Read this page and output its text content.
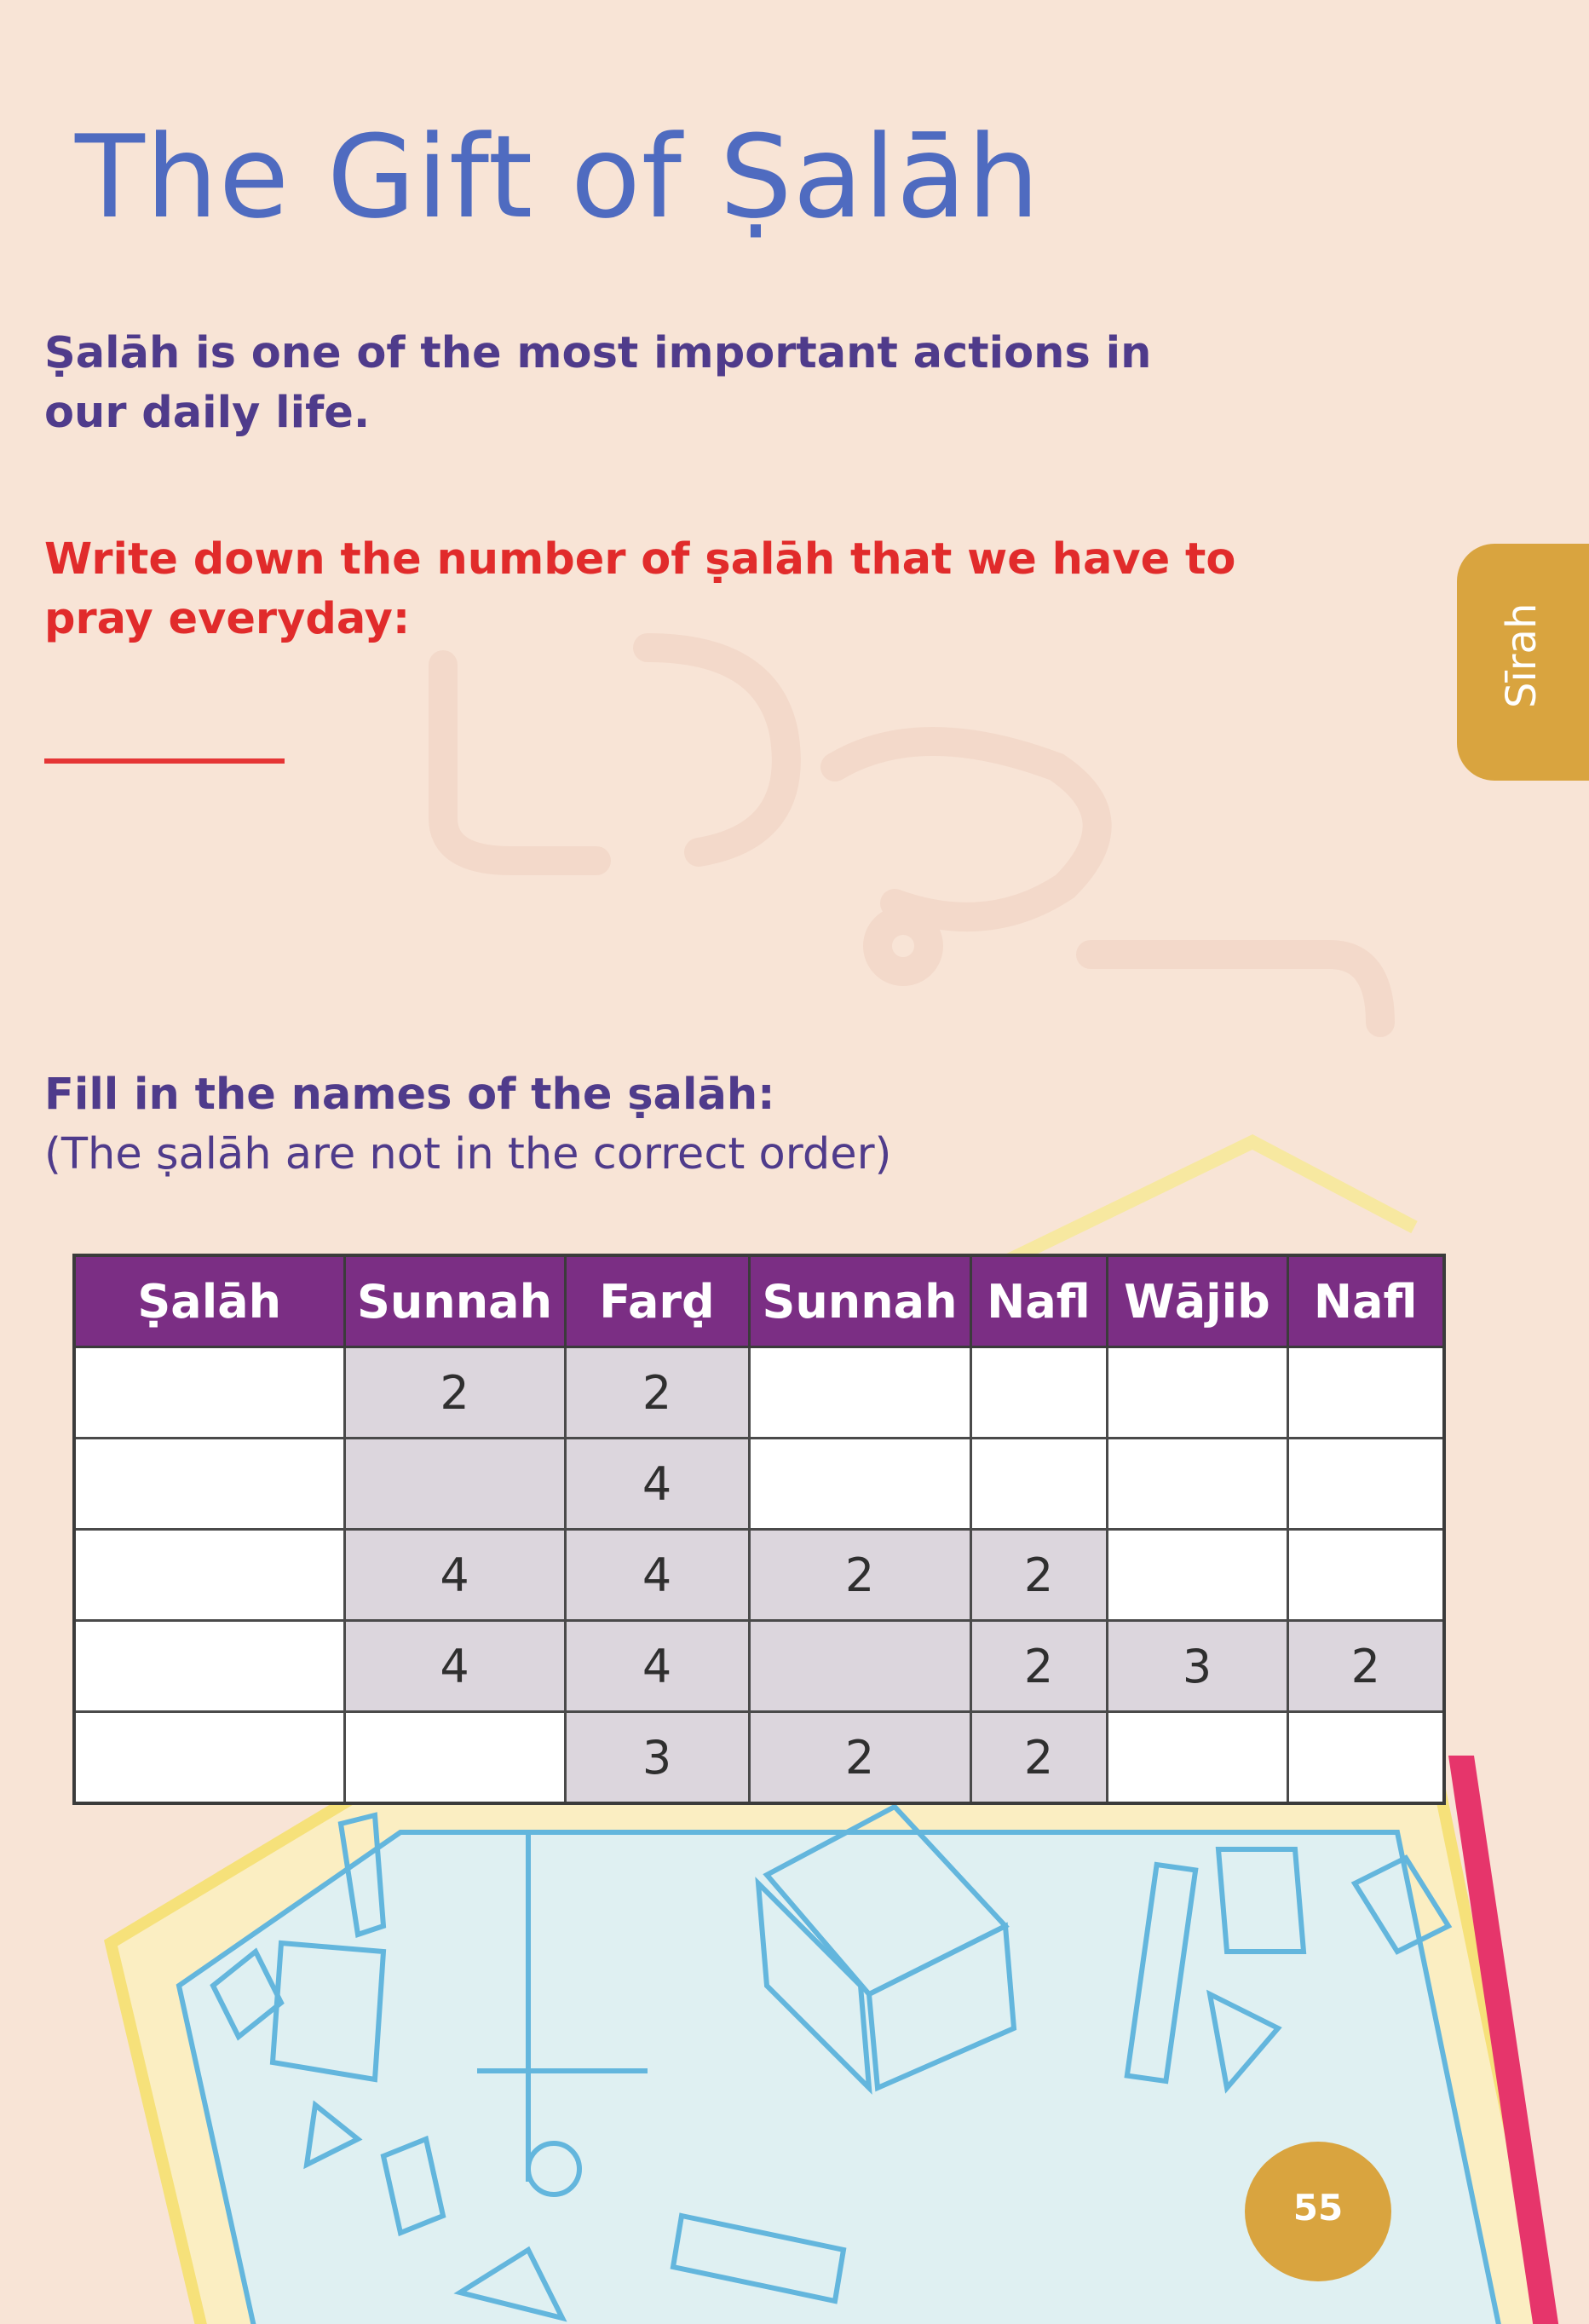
The Gift of Ṣalāh

Ṣalāh is one of the most important actions in our daily life.

Write down the number of ṣalāh that we have to pray everyday:	Sīrah

Fill in the names of the ṣalāh:

(The ṣalāh are not in the correct order)

Ṣalāh	Sunnah	Farḍ	Sunnah	Nafl	Wājib	Nafl
	2	2				
		4				
	4	4	2	2		
	4	4		2	3	2
		3	2	2		
55
